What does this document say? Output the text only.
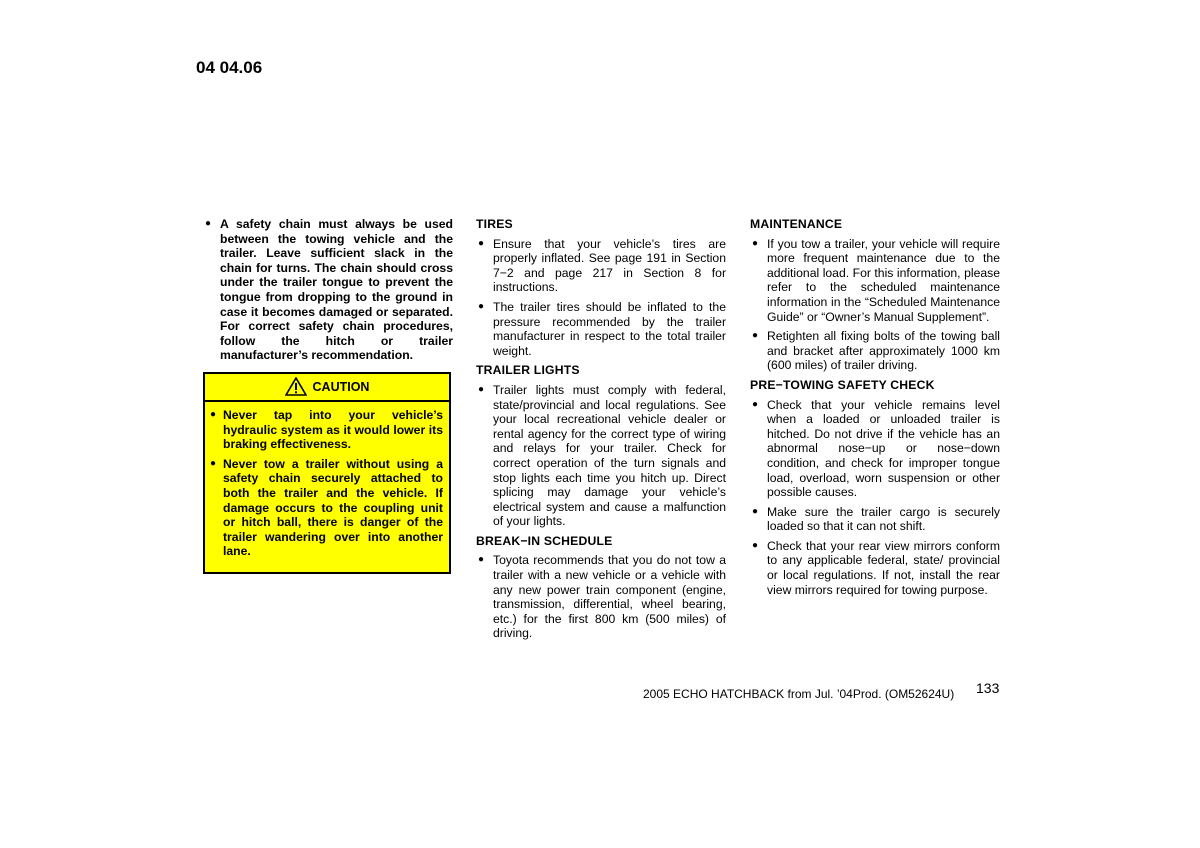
04 04.06
● A safety chain must always be used between the towing vehicle and the trailer. Leave sufficient slack in the chain for turns. The chain should cross under the trailer tongue to prevent the tongue from dropping to the ground in case it becomes damaged or separated. For correct safety chain procedures, follow the hitch or trailer manufacturer’s recommendation.
CAUTION
● Never tap into your vehicle’s hydraulic system as it would lower its braking effectiveness.
● Never tow a trailer without using a safety chain securely attached to both the trailer and the vehicle. If damage occurs to the coupling unit or hitch ball, there is danger of the trailer wandering over into another lane.
TIRES
● Ensure that your vehicle’s tires are properly inflated. See page 191 in Section 7−2 and page 217 in Section 8 for instructions.
● The trailer tires should be inflated to the pressure recommended by the trailer manufacturer in respect to the total trailer weight.
TRAILER LIGHTS
● Trailer lights must comply with federal, state/provincial and local regulations. See your local recreational vehicle dealer or rental agency for the correct type of wiring and relays for your trailer. Check for correct operation of the turn signals and stop lights each time you hitch up. Direct splicing may damage your vehicle’s electrical system and cause a malfunction of your lights.
BREAK−IN SCHEDULE
● Toyota recommends that you do not tow a trailer with a new vehicle or a vehicle with any new power train component (engine, transmission, differential, wheel bearing, etc.) for the first 800 km (500 miles) of driving.
MAINTENANCE
● If you tow a trailer, your vehicle will require more frequent maintenance due to the additional load. For this information, please refer to the scheduled maintenance information in the “Scheduled Maintenance Guide” or “Owner’s Manual Supplement”.
● Retighten all fixing bolts of the towing ball and bracket after approximately 1000 km (600 miles) of trailer driving.
PRE−TOWING SAFETY CHECK
● Check that your vehicle remains level when a loaded or unloaded trailer is hitched. Do not drive if the vehicle has an abnormal nose−up or nose−down condition, and check for improper tongue load, overload, worn suspension or other possible causes.
● Make sure the trailer cargo is securely loaded so that it can not shift.
● Check that your rear view mirrors conform to any applicable federal, state/ provincial or local regulations. If not, install the rear view mirrors required for towing purpose.
2005 ECHO HATCHBACK from Jul. ’04Prod. (OM52624U) 133
